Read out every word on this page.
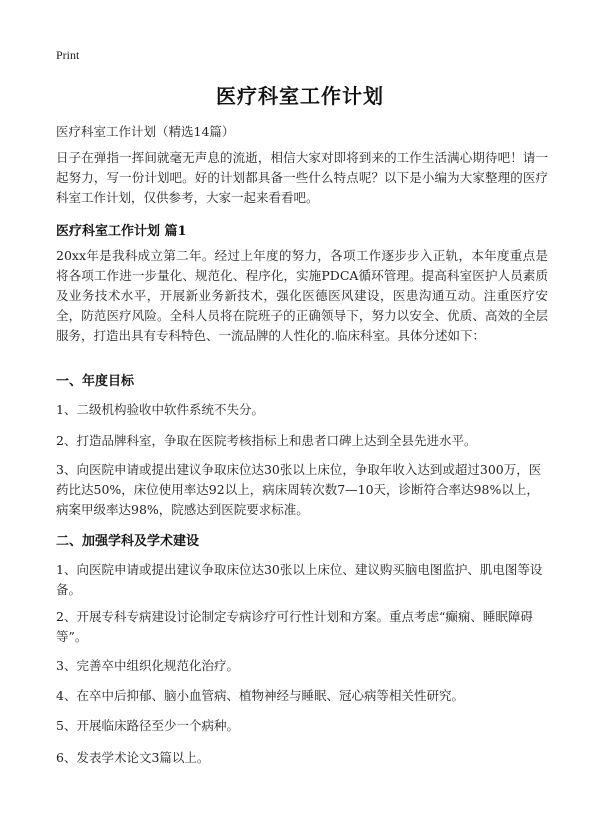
Print
医疗科室工作计划
医疗科室工作计划（精选14篇）
日子在弹指一挥间就毫无声息的流逝，相信大家对即将到来的工作生活满心期待吧！请一起努力，写一份计划吧。好的计划都具备一些什么特点呢？以下是小编为大家整理的医疗科室工作计划，仅供参考，大家一起来看看吧。
医疗科室工作计划 篇1
20xx年是我科成立第二年。经过上年度的努力，各项工作逐步步入正轨，本年度重点是将各项工作进一步量化、规范化、程序化，实施PDCA循环管理。提高科室医护人员素质及业务技术水平，开展新业务新技术，强化医德医风建设，医患沟通互动。注重医疗安全，防范医疗风险。全科人员将在院班子的正确领导下，努力以安全、优质、高效的全层服务，打造出具有专科特色、一流品牌的人性化的.临床科室。具体分述如下：
一、年度目标
1、二级机构验收中软件系统不失分。
2、打造品牌科室，争取在医院考核指标上和患者口碑上达到全县先进水平。
3、向医院申请或提出建议争取床位达30张以上床位，争取年收入达到或超过300万，医药比达50%，床位使用率达92以上，病床周转次数7—10天，诊断符合率达98%以上，病案甲级率达98%，院感达到医院要求标准。
二、加强学科及学术建设
1、向医院申请或提出建议争取床位达30张以上床位、建议购买脑电图监护、肌电图等设备。
2、开展专科专病建设讨论制定专病诊疗可行性计划和方案。重点考虑“癫痫、睡眠障碍等”。
3、完善卒中组织化规范化治疗。
4、在卒中后抑郁、脑小血管病、植物神经与睡眠、冠心病等相关性研究。
5、开展临床路径至少一个病种。
6、发表学术论文3篇以上。
